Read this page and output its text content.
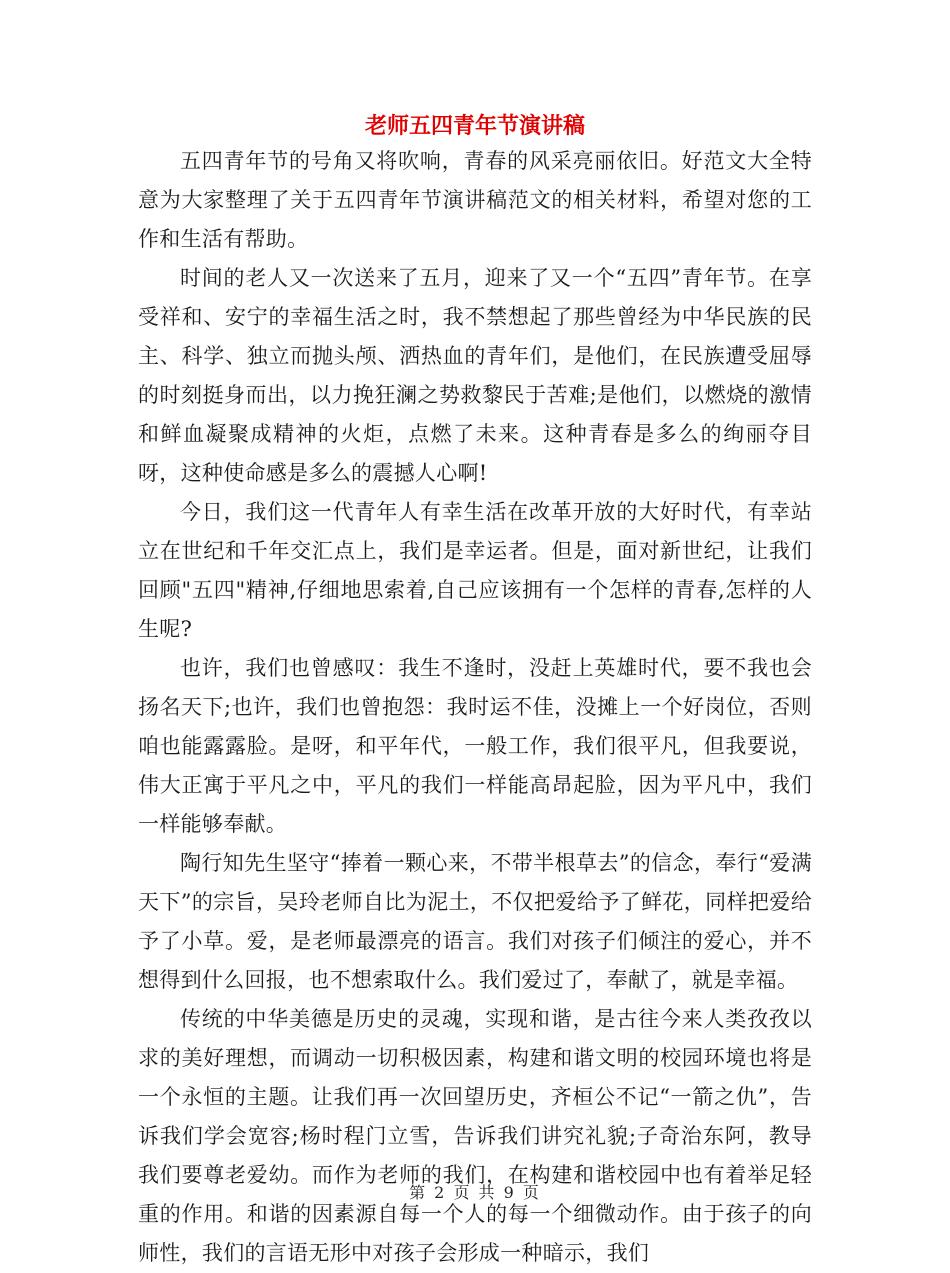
老师五四青年节演讲稿

五四青年节的号角又将吹响，青春的风采亮丽依旧。好范文大全特意为大家整理了关于五四青年节演讲稿范文的相关材料，希望对您的工作和生活有帮助。

时间的老人又一次送来了五月，迎来了又一个“五四”青年节。在享受祥和、安宁的幸福生活之时，我不禁想起了那些曾经为中华民族的民主、科学、独立而抛头颅、洒热血的青年们，是他们，在民族遭受屈辱的时刻挺身而出，以力挽狂澜之势救黎民于苦难;是他们，以燃烧的激情和鲜血凝聚成精神的火炬，点燃了未来。这种青春是多么的绚丽夺目呀，这种使命感是多么的震撼人心啊!

今日，我们这一代青年人有幸生活在改革开放的大好时代，有幸站立在世纪和千年交汇点上，我们是幸运者。但是，面对新世纪，让我们回顾"五四"精神,仔细地思索着,自己应该拥有一个怎样的青春,怎样的人生呢?

也许，我们也曾感叹：我生不逢时，没赶上英雄时代，要不我也会扬名天下;也许，我们也曾抱怨：我时运不佳，没摊上一个好岗位，否则咱也能露露脸。是呀，和平年代，一般工作，我们很平凡，但我要说，伟大正寓于平凡之中，平凡的我们一样能高昂起脸，因为平凡中，我们一样能够奉献。

陶行知先生坚守“捧着一颗心来，不带半根草去”的信念，奉行“爱满天下”的宗旨，吴玲老师自比为泥土，不仅把爱给予了鲜花，同样把爱给予了小草。爱，是老师最漂亮的语言。我们对孩子们倾注的爱心，并不想得到什么回报，也不想索取什么。我们爱过了，奉献了，就是幸福。

传统的中华美德是历史的灵魂，实现和谐，是古往今来人类孜孜以求的美好理想，而调动一切积极因素，构建和谐文明的校园环境也将是一个永恒的主题。让我们再一次回望历史，齐桓公不记“一箭之仇”，告诉我们学会宽容;杨时程门立雪，告诉我们讲究礼貌;子奇治东阿，教导我们要尊老爱幼。而作为老师的我们，在构建和谐校园中也有着举足轻重的作用。和谐的因素源自每一个人的每一个细微动作。由于孩子的向师性，我们的言语无形中对孩子会形成一种暗示，我们

第 2 页 共 9 页
